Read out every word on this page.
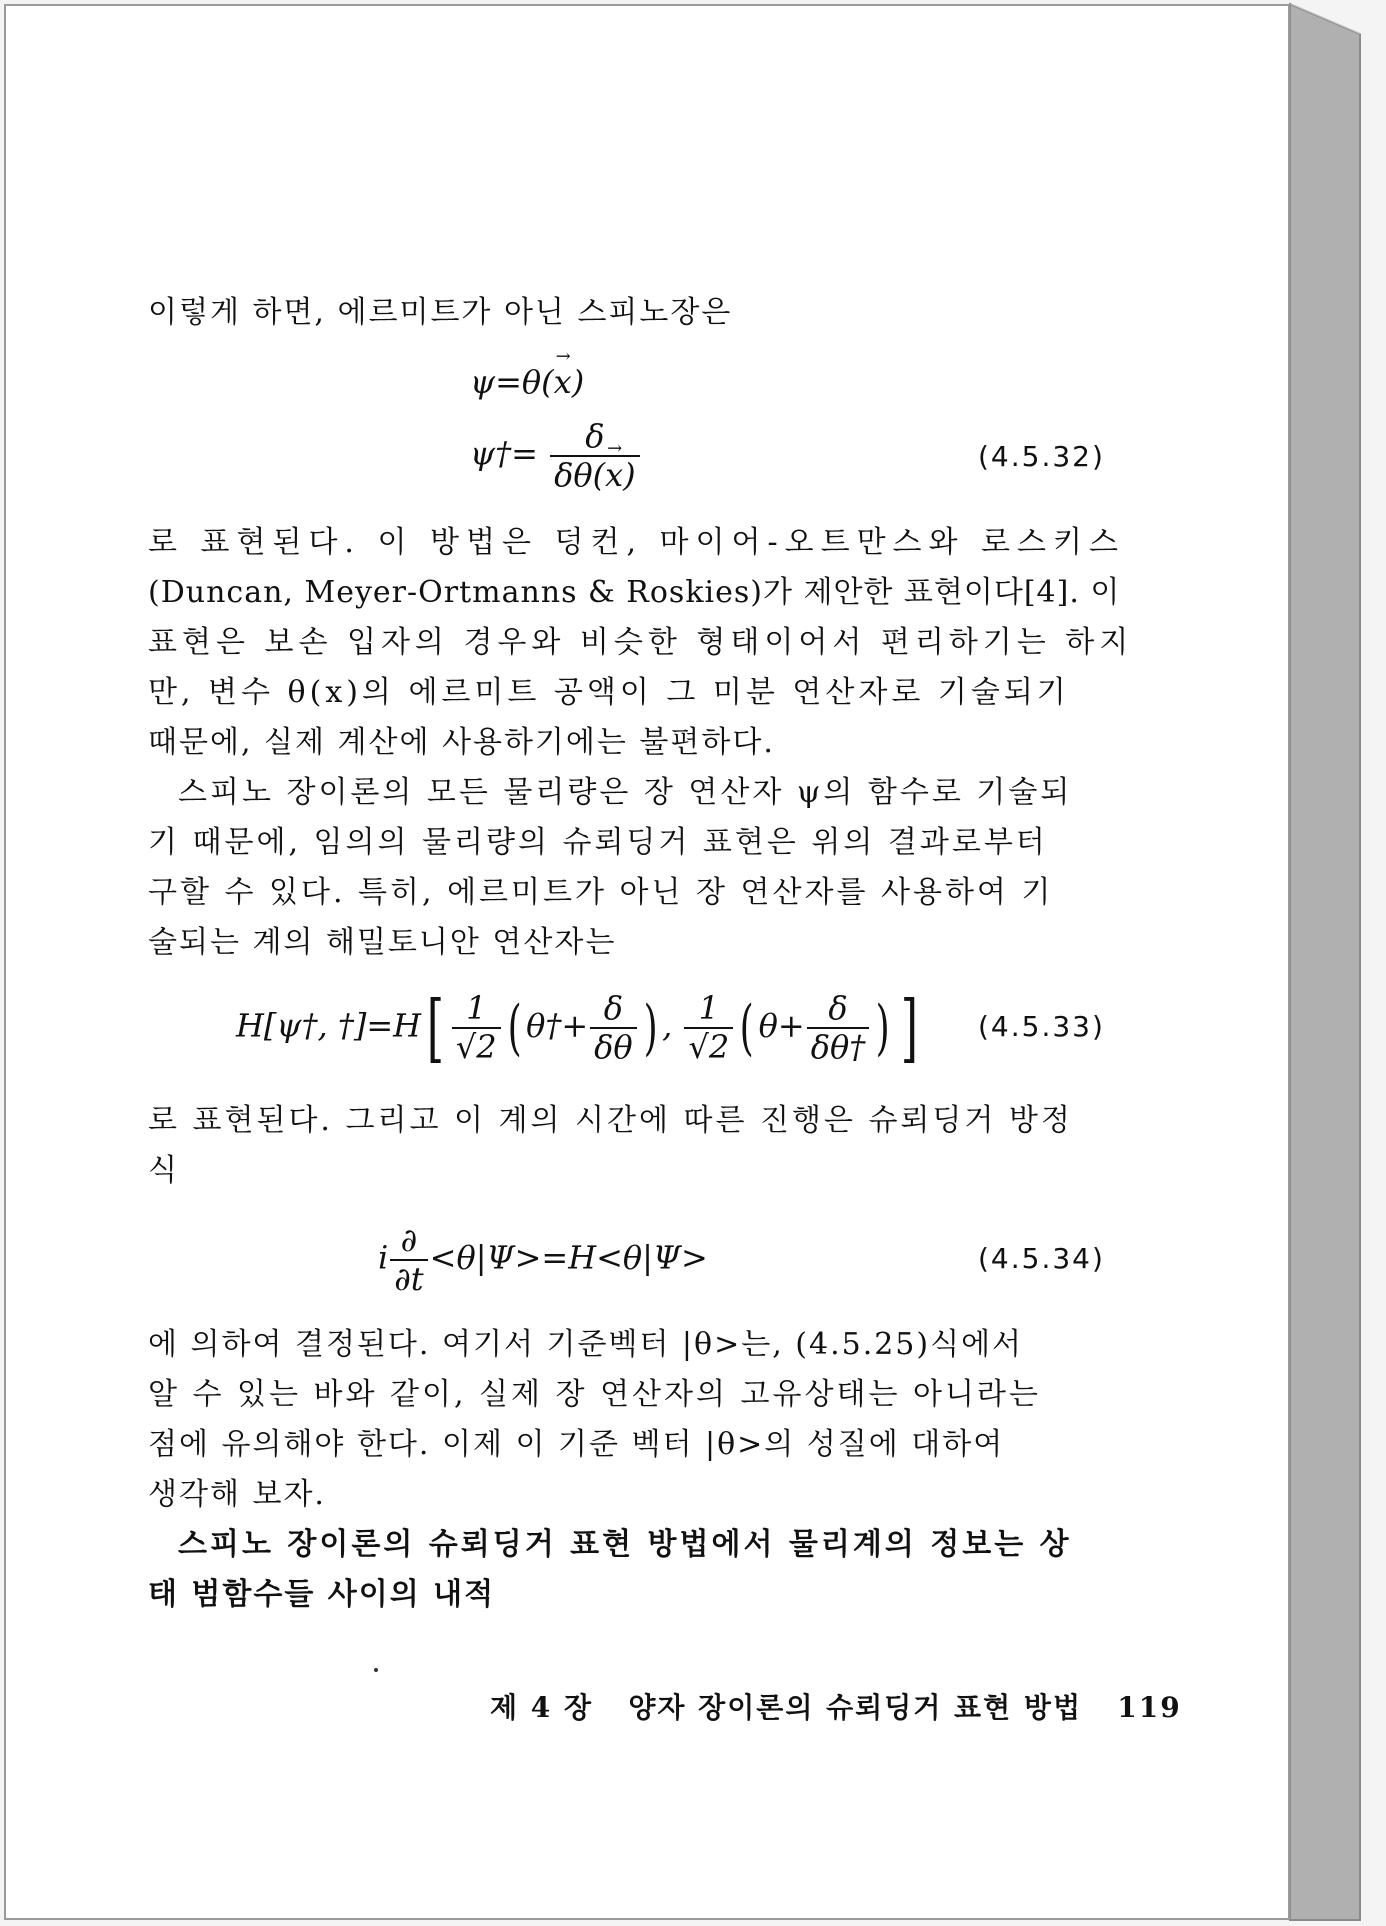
이렇게 하면, 에르미트가 아닌 스피노장은
ψ=θ(→ x)
ψ†= $\frac{\delta}{\delta\theta(\to x)}$	(4.5.32)
로 표현된다. 이 방법은 덩컨, 마이어-오트만스와 로스키스
(Duncan, Meyer-Ortmanns & Roskies)가 제안한 표현이다[4]. 이
표현은 보손 입자의 경우와 비슷한 형태이어서 편리하기는 하지
만, 변수 θ(x)의 에르미트 공액이 그 미분 연산자로 기술되기
때문에, 실제 계산에 사용하기에는 불편하다.
스피노 장이론의 모든 물리량은 장 연산자 ψ의 함수로 기술되
기 때문에, 임의의 물리량의 슈뢰딩거 표현은 위의 결과로부터
구할 수 있다. 특히, 에르미트가 아닌 장 연산자를 사용하여 기
술되는 계의 해밀토니안 연산자는
H[ψ†, †]=H[ $\frac{1}{√2}$ ( θ†+ $\frac{\delta}{\delta\theta}$ ) , $\frac{1}{√2}$ ( $\theta+ \frac{\delta}{\delta\theta\dagger}$ ) ] (4.5.33)
로 표현된다. 그리고 이 계의 시간에 따른 진행은 슈뢰딩거 방정
식
i $\frac{\partial}{\partial t} <\theta|\Psi>=H<\theta|\Psi>$	(4.5.34)
에 의하여 결정된다. 여기서 기준벡터 |θ>는, (4.5.25)식에서
알 수 있는 바와 같이, 실제 장 연산자의 고유상태는 아니라는
점에 유의해야 한다. 이제 이 기준 벡터 |θ>의 성질에 대하여
생각해 보자.
스피노 장이론의 슈뢰딩거 표현 방법에서 물리계의 정보는 상
태 범함수들 사이의 내적
제 4 장 양자 장이론의 슈뢰딩거 표현 방법 119
